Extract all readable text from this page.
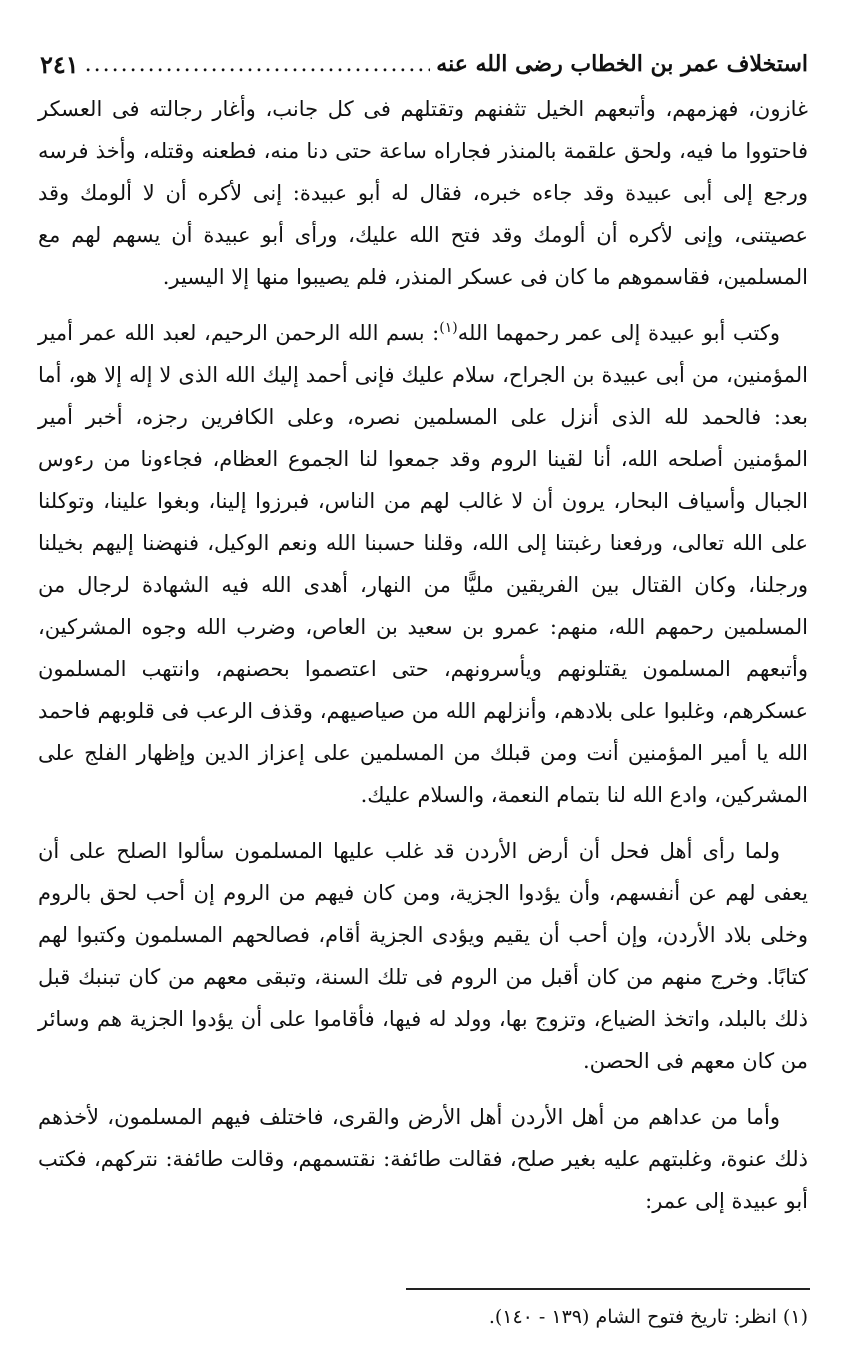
استخلاف عمر بن الخطاب رضى الله عنه
.....
٢٤١

غازون، فهزمهم، وأتبعهم الخيل تثفنهم وتقتلهم فى كل جانب، وأغار رجالته فى العسكر فاحتووا ما فيه، ولحق علقمة بالمنذر فجاراه ساعة حتى دنا منه، فطعنه وقتله، وأخذ فرسه ورجع إلى أبى عبيدة وقد جاءه خبره، فقال له أبو عبيدة: إنى لأكره أن لا ألومك وقد عصيتنى، وإنى لأكره أن ألومك وقد فتح الله عليك، ورأى أبو عبيدة أن يسهم لهم مع المسلمين، فقاسموهم ما كان فى عسكر المنذر، فلم يصيبوا منها إلا اليسير.

وكتب أبو عبيدة إلى عمر رحمهما الله$^{(١)}$: بسم الله الرحمن الرحيم، لعبد الله عمر أمير المؤمنين، من أبى عبيدة بن الجراح، سلام عليك فإنى أحمد إليك الله الذى لا إله إلا هو، أما بعد: فالحمد لله الذى أنزل على المسلمين نصره، وعلى الكافرين رجزه، أخبر أمير المؤمنين أصلحه الله، أنا لقينا الروم وقد جمعوا لنا الجموع العظام، فجاءونا من رءوس الجبال وأسياف البحار، يرون أن لا غالب لهم من الناس، فبرزوا إلينا، وبغوا علينا، وتوكلنا على الله تعالى، ورفعنا رغبتنا إلى الله، وقلنا حسبنا الله ونعم الوكيل، فنهضنا إليهم بخيلنا ورجلنا، وكان القتال بين الفريقين مليًّا من النهار، أهدى الله فيه الشهادة لرجال من المسلمين رحمهم الله، منهم: عمرو بن سعيد بن العاص، وضرب الله وجوه المشركين، وأتبعهم المسلمون يقتلونهم ويأسرونهم، حتى اعتصموا بحصنهم، وانتهب المسلمون عسكرهم، وغلبوا على بلادهم، وأنزلهم الله من صياصيهم، وقذف الرعب فى قلوبهم فاحمد الله يا أمير المؤمنين أنت ومن قبلك من المسلمين على إعزاز الدين وإظهار الفلج على المشركين، وادع الله لنا بتمام النعمة، والسلام عليك.

ولما رأى أهل فحل أن أرض الأردن قد غلب عليها المسلمون سألوا الصلح على أن يعفى لهم عن أنفسهم، وأن يؤدوا الجزية، ومن كان فيهم من الروم إن أحب لحق بالروم وخلى بلاد الأردن، وإن أحب أن يقيم ويؤدى الجزية أقام، فصالحهم المسلمون وكتبوا لهم كتابًا. وخرج منهم من كان أقبل من الروم فى تلك السنة، وتبقى معهم من كان تبنبك قبل ذلك بالبلد، واتخذ الضياع، وتزوج بها، وولد له فيها، فأقاموا على أن يؤدوا الجزية هم وسائر من كان معهم فى الحصن.

وأما من عداهم من أهل الأردن أهل الأرض والقرى، فاختلف فيهم المسلمون، لأخذهم ذلك عنوة، وغلبتهم عليه بغير صلح، فقالت طائفة: نقتسمهم، وقالت طائفة: نتركهم، فكتب أبو عبيدة إلى عمر:

(١) انظر: تاريخ فتوح الشام (١٣٩ - ١٤٠).
